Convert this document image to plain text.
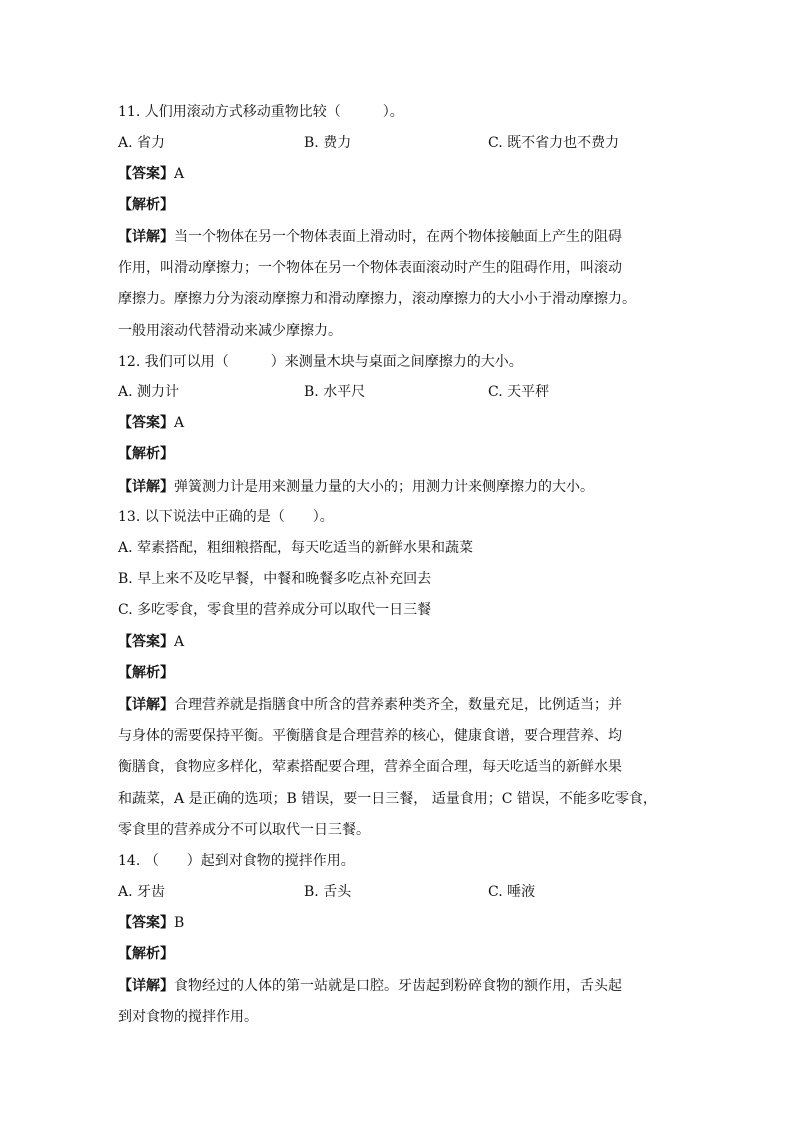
11. 人们用滚动方式移动重物比较（　　　）。
A. 省力	B. 费力	C. 既不省力也不费力
【答案】A
【解析】
【详解】当一个物体在另一个物体表面上滑动时，在两个物体接触面上产生的阻碍
作用，叫滑动摩擦力；一个物体在另一个物体表面滚动时产生的阻碍作用，叫滚动
摩擦力。摩擦力分为滚动摩擦力和滑动摩擦力，滚动摩擦力的大小小于滑动摩擦力。
一般用滚动代替滑动来减少摩擦力。
12. 我们可以用（　　　）来测量木块与桌面之间摩擦力的大小。
A. 测力计	B. 水平尺	C. 天平秤
【答案】A
【解析】
【详解】弹簧测力计是用来测量力量的大小的；用测力计来侧摩擦力的大小。
13. 以下说法中正确的是（　　）。
A. 荤素搭配，粗细粮搭配，每天吃适当的新鲜水果和蔬菜
B. 早上来不及吃早餐，中餐和晚餐多吃点补充回去
C. 多吃零食，零食里的营养成分可以取代一日三餐
【答案】A
【解析】
【详解】合理营养就是指膳食中所含的营养素种类齐全，数量充足，比例适当；并
与身体的需要保持平衡。平衡膳食是合理营养的核心，健康食谱，要合理营养、均
衡膳食，食物应多样化，荤素搭配要合理，营养全面合理，每天吃适当的新鲜水果
和蔬菜，A 是正确的选项；B 错误，要一日三餐， 适量食用；C 错误，不能多吃零食，
零食里的营养成分不可以取代一日三餐。
14. （　　）起到对食物的搅拌作用。
A. 牙齿	B. 舌头	C. 唾液
【答案】B
【解析】
【详解】食物经过的人体的第一站就是口腔。牙齿起到粉碎食物的额作用，舌头起
到对食物的搅拌作用。
